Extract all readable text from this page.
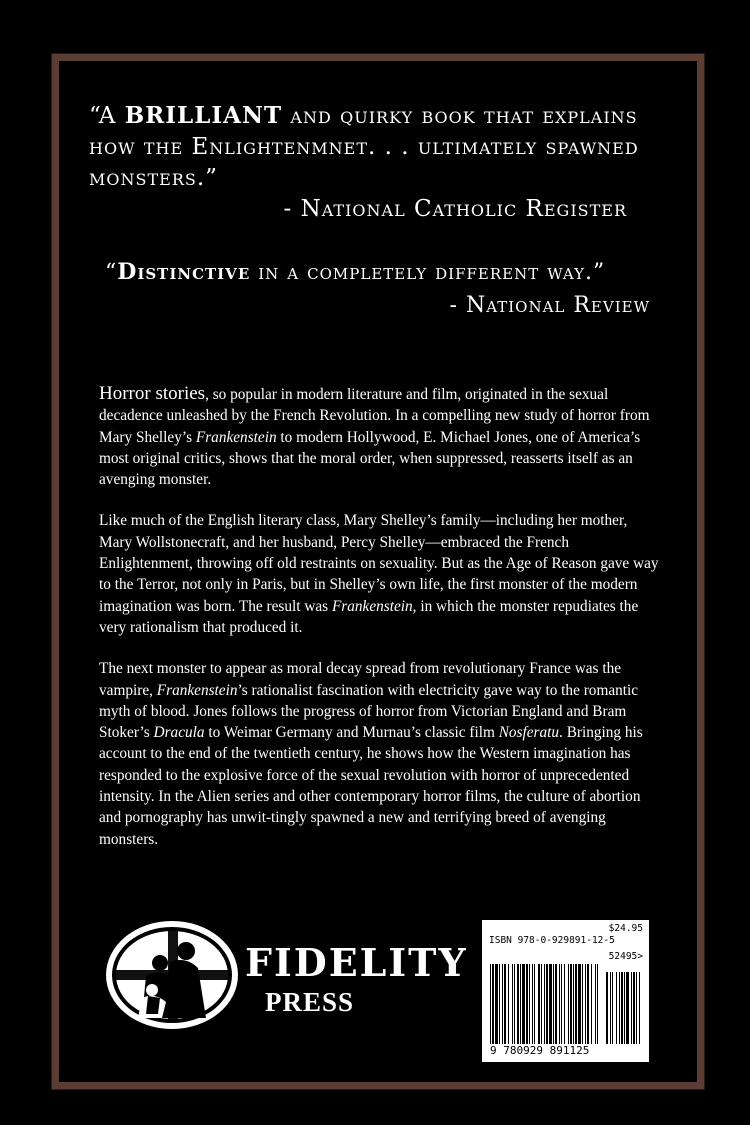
“A BRILLIANT and quirky book that explains how the Enlightenmnet. . . ultimately spawned monsters.”
- National Catholic Register
“Distinctive in a completely different way.”
- National Review

Horror stories, so popular in modern literature and film, originated in the sexual decadence unleashed by the French Revolution. In a compelling new study of horror from Mary Shelley’s Frankenstein to modern Hollywood, E. Michael Jones, one of America’s most original critics, shows that the moral order, when suppressed, reasserts itself as an avenging monster.

Like much of the English literary class, Mary Shelley’s family—including her mother, Mary Wollstonecraft, and her husband, Percy Shelley—embraced the French Enlightenment, throwing off old restraints on sexuality. But as the Age of Reason gave way to the Terror, not only in Paris, but in Shelley’s own life, the first monster of the modern imagination was born. The result was Frankenstein, in which the monster repudiates the very rationalism that produced it.

The next monster to appear as moral decay spread from revolutionary France was the vampire, Frankenstein’s rationalist fascination with electricity gave way to the romantic myth of blood. Jones follows the progress of horror from Victorian England and Bram Stoker’s Dracula to Weimar Germany and Murnau’s classic film Nosferatu. Bringing his account to the end of the twentieth century, he shows how the Western imagination has responded to the explosive force of the sexual revolution with horror of unprecedented intensity. In the Alien series and other contemporary horror films, the culture of abortion and pornography has unwit-tingly spawned a new and terrifying breed of avenging monsters.

FIDELITY
PRESS
$24.95
ISBN 978-0-929891-12-5
52495>
9 780929 891125
